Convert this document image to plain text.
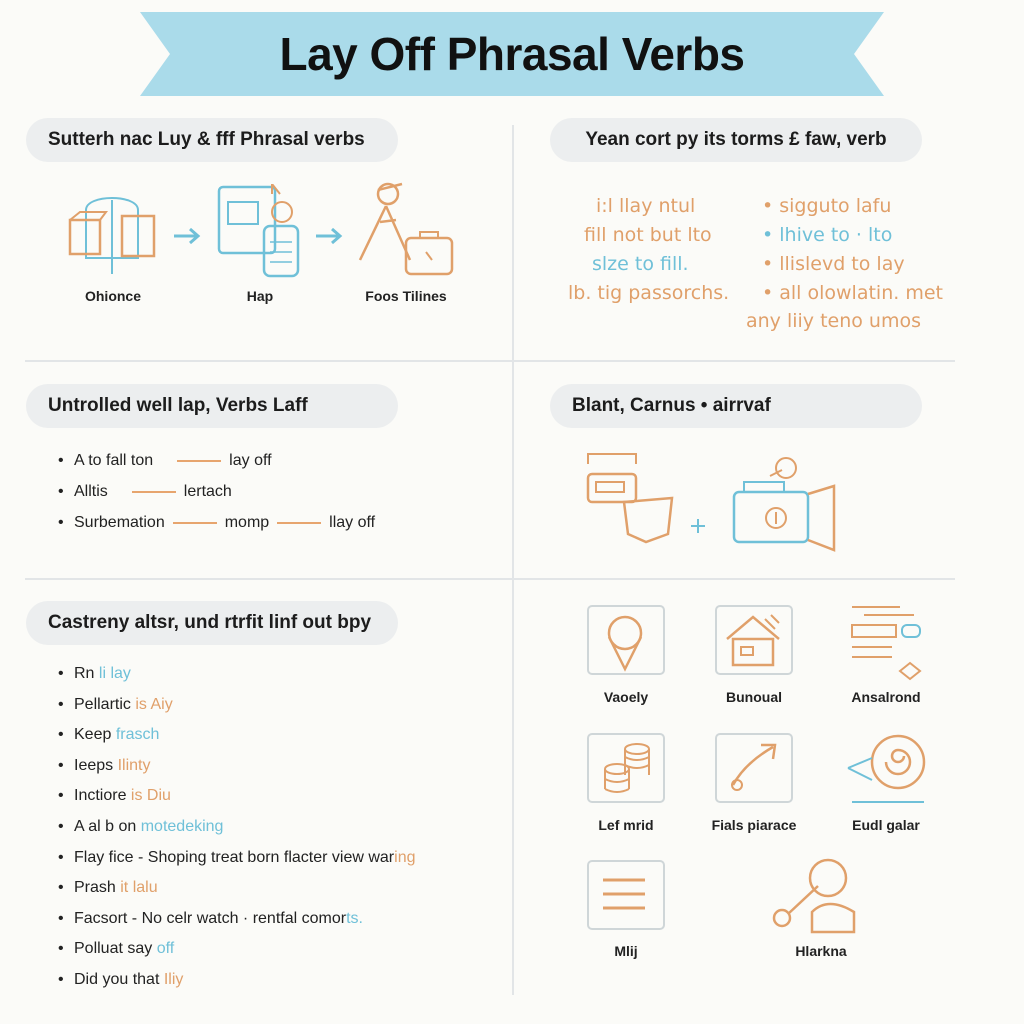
Lay Off Phrasal Verbs
Sutterh nac Luy & fff Phrasal verbs
Ohionce	Hap	Foos Tilines
Yean cort py its torms £ faw, verb
i:l llay ntul
fill not but lto
slze to fill.
lb. tig passorchs.
• sigguto lafu
• lhive to · lto
• llislevd to lay
• all olowlatin. met
any liiy teno umos
Untrolled well lap, Verbs Laff
• A to fall ton	lay off
• Alltis	lertach
• Surbemation	momp	llay off
Blant, Carnus • airrvaf
Castreny altsr, und rtrfit linf out bpy
• Rn li lay
• Pellartic is Aiy
• Keep frasch
• Ieeps Ilinty
• Inctiore is Diu
• A al b on motedeking
• Flay fice - Shoping treat born flacter view waring
• Prash it lalu
• Facsort - No celr watch · rentfal comorts.
• Polluat say off
• Did you that Iliy
Vaoely	Bunoual	Ansalrond
Lef mrid	Fials piarace	Eudl galar
Mlij	Hlarkna
